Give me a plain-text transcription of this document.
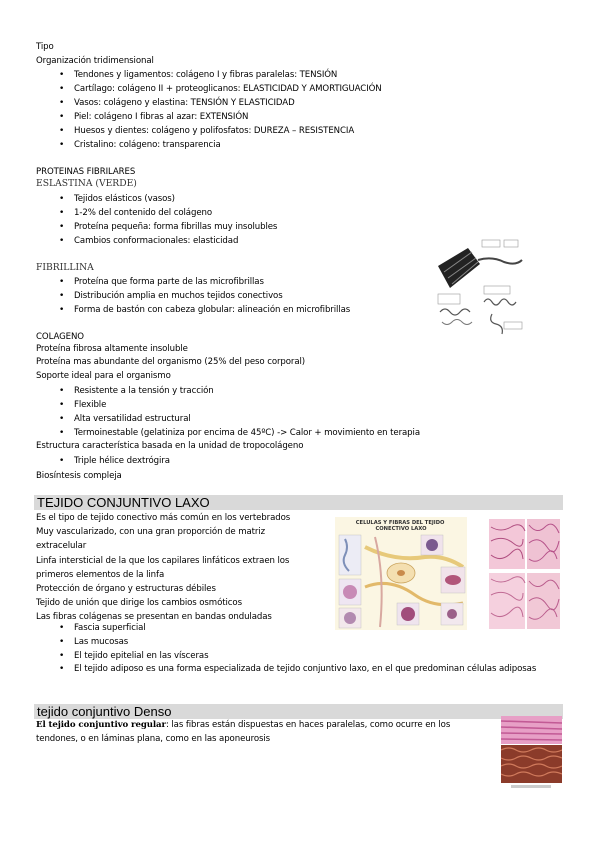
Tipo
Organización tridimensional
• Tendones y ligamentos: colágeno I y fibras paralelas: TENSIÓN
• Cartílago: colágeno II + proteoglicanos: ELASTICIDAD Y AMORTIGUACIÓN
• Vasos: colágeno y elastina: TENSIÓN Y ELASTICIDAD
• Piel: colágeno I fibras al azar: EXTENSIÓN
• Huesos y dientes: colágeno y polifosfatos: DUREZA – RESISTENCIA
• Cristalino: colágeno: transparencia
PROTEINAS FIBRILARES
ESLASTINA (VERDE)
• Tejidos elásticos (vasos)
• 1-2% del contenido del colágeno
• Proteína pequeña: forma fibrillas muy insolubles
• Cambios conformacionales: elasticidad
FIBRILLINA
• Proteína que forma parte de las microfibrillas
• Distribución amplia en muchos tejidos conectivos
• Forma de bastón con cabeza globular: alineación en microfibrillas
COLAGENO
Proteína fibrosa altamente insoluble
Proteína mas abundante del organismo (25% del peso corporal)
Soporte ideal para el organismo
• Resistente a la tensión y tracción
• Flexible
• Alta versatilidad estructural
• Termoinestable (gelatiniza por encima de 45ºC) -> Calor + movimiento en terapia
Estructura característica basada en la unidad de tropocolágeno
• Triple hélice dextrógira
Biosíntesis compleja
TEJIDO CONJUNTIVO LAXO
Es el tipo de tejido conectivo más común en los vertebrados
Muy vascularizado, con una gran proporción de matriz
extracelular
Linfa intersticial de la que los capilares linfáticos extraen los
primeros elementos de la linfa
Protección de órgano y estructuras débiles
Tejido de unión que dirige los cambios osmóticos
Las fibras colágenas se presentan en bandas onduladas
• Fascia superficial
• Las mucosas
• El tejido epitelial en las vísceras
• El tejido adiposo es una forma especializada de tejido conjuntivo laxo, en el que predominan células adiposas
CELULAS Y FIBRAS DEL TEJIDO CONECTIVO LAXO
tejido conjuntivo Denso
El tejido conjuntivo regular: las fibras están dispuestas en haces paralelas, como ocurre en los tendones, o en láminas plana, como en las aponeurosis
